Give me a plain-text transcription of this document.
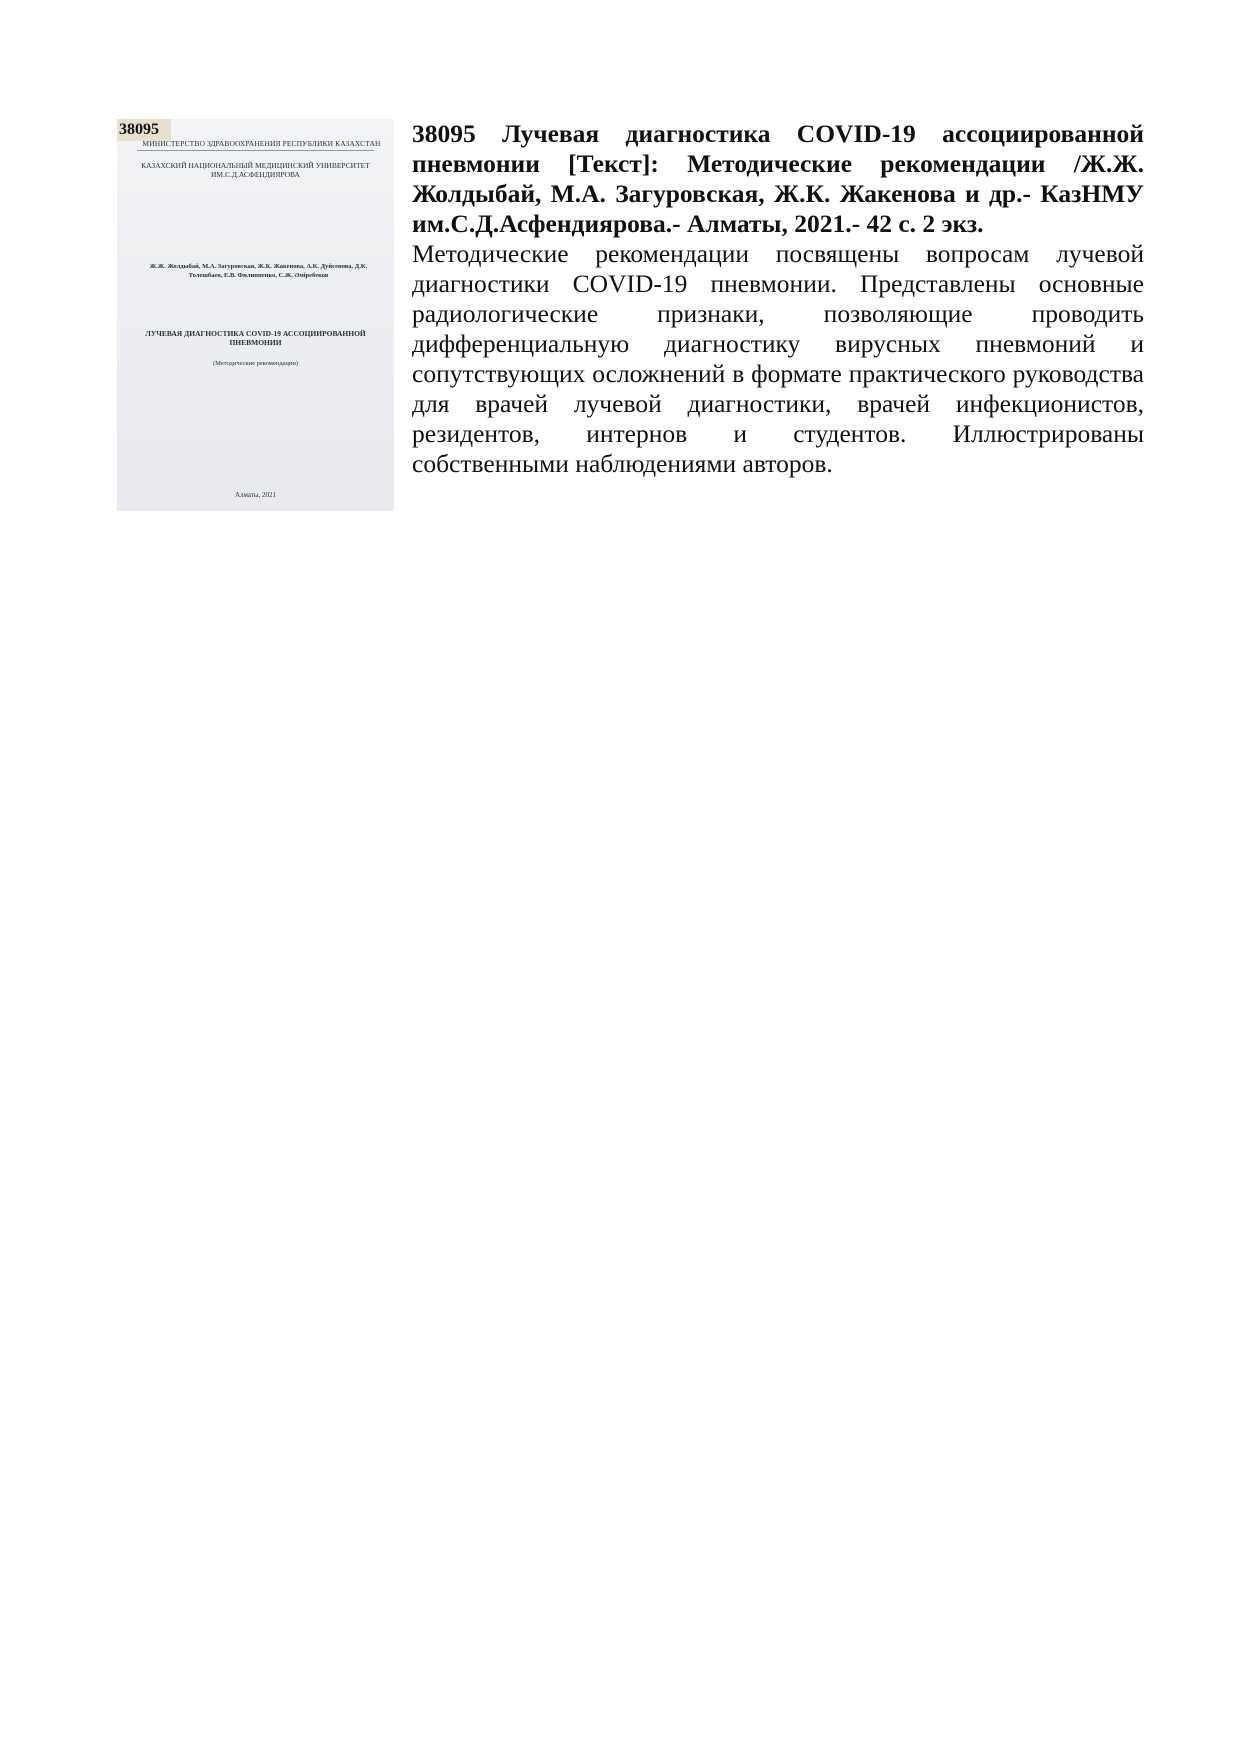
38095
МИНИСТЕРСТВО ЗДРАВООХРАНЕНИЯ РЕСПУБЛИКИ КАЗАХСТАН
КАЗАХСКИЙ НАЦИОНАЛЬНЫЙ МЕДИЦИНСКИЙ УНИВЕРСИТЕТ ИМ.С.Д.АСФЕНДИЯРОВА
Ж.Ж. Жолдыбай, М.А. Загуровская, Ж.К. Жакенова, А.К. Дуйсенова, Д.К. Толешбаев, Е.В. Филиппенко, С.Ж. Әміребеков
ЛУЧЕВАЯ ДИАГНОСТИКА COVID-19 АССОЦИИРОВАННОЙ ПНЕВМОНИИ
(Методические рекомендации)
Алматы, 2021

38095 Лучевая диагностика COVID-19 ассоциированной пневмонии [Текст]: Методические рекомендации /Ж.Ж. Жолдыбай, М.А. Загуровская, Ж.К. Жакенова и др.- КазНМУ им.С.Д.Асфендиярова.- Алматы, 2021.- 42 с. 2 экз.

Методические рекомендации посвящены вопросам лучевой диагностики COVID-19 пневмонии. Представлены основные радиологические признаки, позволяющие проводить дифференциальную диагностику вирусных пневмоний и сопутствующих осложнений в формате практического руководства для врачей лучевой диагностики, врачей инфекционистов, резидентов, интернов и студентов. Иллюстрированы собственными наблюдениями авторов.
